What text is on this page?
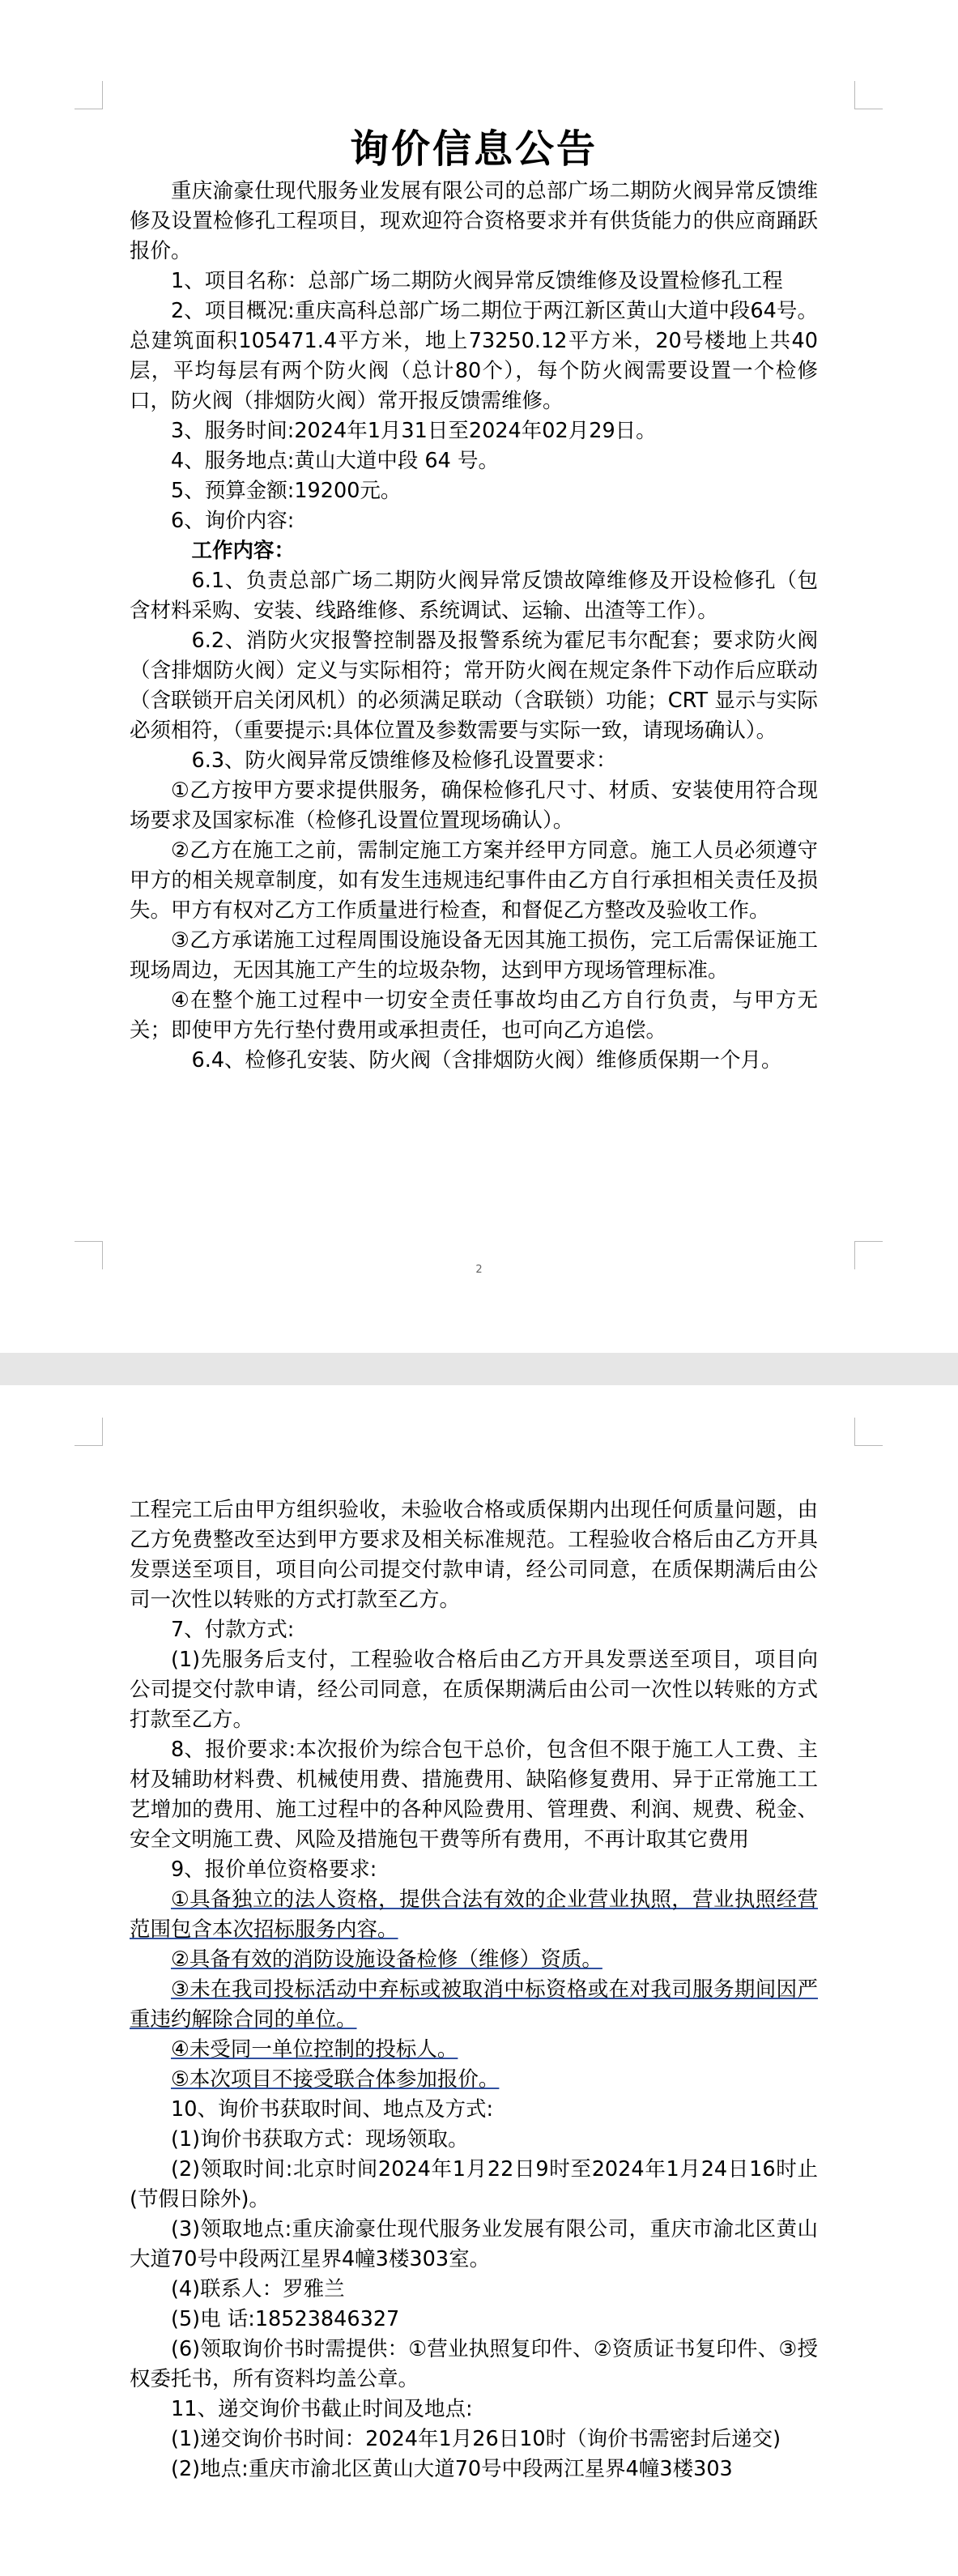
询价信息公告

重庆渝豪仕现代服务业发展有限公司的总部广场二期防火阀异常反馈维修及设置检修孔工程项目，现欢迎符合资格要求并有供货能力的供应商踊跃报价。

1、项目名称：总部广场二期防火阀异常反馈维修及设置检修孔工程

2、项目概况:重庆高科总部广场二期位于两江新区黄山大道中段64号。总建筑面积105471.4平方米，地上73250.12平方米，20号楼地上共40层，平均每层有两个防火阀（总计80个），每个防火阀需要设置一个检修口，防火阀（排烟防火阀）常开报反馈需维修。

3、服务时间:2024年1月31日至2024年02月29日。

4、服务地点:黄山大道中段 64 号。

5、预算金额:19200元。

6、询价内容:

工作内容：

6.1、负责总部广场二期防火阀异常反馈故障维修及开设检修孔（包含材料采购、安装、线路维修、系统调试、运输、出渣等工作）。

6.2、消防火灾报警控制器及报警系统为霍尼韦尔配套；要求防火阀（含排烟防火阀）定义与实际相符；常开防火阀在规定条件下动作后应联动（含联锁开启关闭风机）的必须满足联动（含联锁）功能；CRT 显示与实际必须相符，（重要提示:具体位置及参数需要与实际一致，请现场确认）。

6.3、防火阀异常反馈维修及检修孔设置要求：

①乙方按甲方要求提供服务，确保检修孔尺寸、材质、安装使用符合现场要求及国家标准（检修孔设置位置现场确认）。

②乙方在施工之前，需制定施工方案并经甲方同意。施工人员必须遵守甲方的相关规章制度，如有发生违规违纪事件由乙方自行承担相关责任及损失。甲方有权对乙方工作质量进行检查，和督促乙方整改及验收工作。

③乙方承诺施工过程周围设施设备无因其施工损伤，完工后需保证施工现场周边，无因其施工产生的垃圾杂物，达到甲方现场管理标准。

④在整个施工过程中一切安全责任事故均由乙方自行负责，与甲方无关；即使甲方先行垫付费用或承担责任，也可向乙方追偿。

6.4、检修孔安装、防火阀（含排烟防火阀）维修质保期一个月。

2

工程完工后由甲方组织验收，未验收合格或质保期内出现任何质量问题，由乙方免费整改至达到甲方要求及相关标准规范。工程验收合格后由乙方开具发票送至项目，项目向公司提交付款申请，经公司同意，在质保期满后由公司一次性以转账的方式打款至乙方。

7、付款方式:

(1)先服务后支付，工程验收合格后由乙方开具发票送至项目，项目向公司提交付款申请，经公司同意，在质保期满后由公司一次性以转账的方式打款至乙方。

8、报价要求:本次报价为综合包干总价，包含但不限于施工人工费、主材及辅助材料费、机械使用费、措施费用、缺陷修复费用、异于正常施工工艺增加的费用、施工过程中的各种风险费用、管理费、利润、规费、税金、安全文明施工费、风险及措施包干费等所有费用，不再计取其它费用

9、报价单位资格要求:

①具备独立的法人资格，提供合法有效的企业营业执照，营业执照经营范围包含本次招标服务内容。

②具备有效的消防设施设备检修（维修）资质。

③未在我司投标活动中弃标或被取消中标资格或在对我司服务期间因严重违约解除合同的单位。

④未受同一单位控制的投标人。

⑤本次项目不接受联合体参加报价。

10、询价书获取时间、地点及方式:

(1)询价书获取方式：现场领取。

(2)领取时间:北京时间2024年1月22日9时至2024年1月24日16时止(节假日除外)。

(3)领取地点:重庆渝豪仕现代服务业发展有限公司，重庆市渝北区黄山大道70号中段两江星界4幢3楼303室。

(4)联系人：罗雅兰

(5)电 话:18523846327

(6)领取询价书时需提供：①营业执照复印件、②资质证书复印件、③授权委托书，所有资料均盖公章。

11、递交询价书截止时间及地点:

(1)递交询价书时间：2024年1月26日10时（询价书需密封后递交)

(2)地点:重庆市渝北区黄山大道70号中段两江星界4幢3楼303
